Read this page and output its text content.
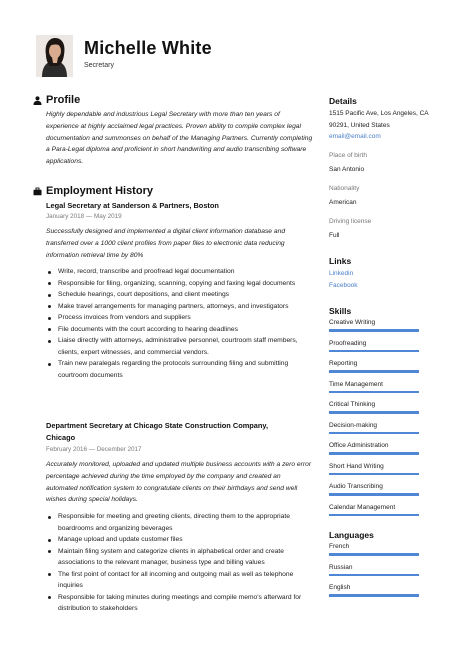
Michelle White
Secretary
Profile
Highly dependable and industrious Legal Secretary with more than ten years of experience at highly acclaimed legal practices. Proven ability to compile complex legal documentation and summonses on behalf of the Managing Partners. Currently completing a Para-Legal diploma and proficient in short handwriting and audio transcribing software applications.
Employment History
Legal Secretary at Sanderson & Partners, Boston
January 2018 — May 2019
Successfully designed and implemented a digital client information database and transferred over a 1000 client profiles from paper files to electronic data reducing information retrieval time by 80%
Write, record, transcribe and proofread legal documentation
Responsible for filing, organizing, scanning, copying and faxing legal documents
Schedule hearings, court depositions, and client meetings
Make travel arrangements for managing partners, attorneys, and investigators
Process invoices from vendors and suppliers
File documents with the court according to hearing deadlines
Liaise directly with attorneys, administrative personnel, courtroom staff members, clients, expert witnesses, and commercial vendors.
Train new paralegals regarding the protocols surrounding filing and submitting courtroom documents
Department Secretary at Chicago State Construction Company, Chicago
February 2016 — December 2017
Accurately monitored, uploaded and updated multiple business accounts with a zero error percentage achieved during the time employed by the company and created an automated notification system to congratulate clients on their birthdays and send well wishes during special holidays.
Responsible for meeting and greeting clients, directing them to the appropriate boardrooms and organizing beverages
Manage upload and update customer files
Maintain filing system and categorize clients in alphabetical order and create associations to the relevant manager, business type and billing values
The first point of contact for all incoming and outgoing mail as well as telephone inquiries
Responsible for taking minutes during meetings and compile memo's afterward for distribution to stakeholders
Details
1515 Pacific Ave, Los Angeles, CA 90291, United States
email@email.com
Place of birth
San Antonio
Nationality
American
Driving license
Full
Links
Linkedin
Facebook
Skills
Creative Writing
Proofreading
Reporting
Time Management
Critical Thinking
Decision-making
Office Administration
Short Hand Writing
Audio Transcribing
Calendar Management
Languages
French
Russian
English
